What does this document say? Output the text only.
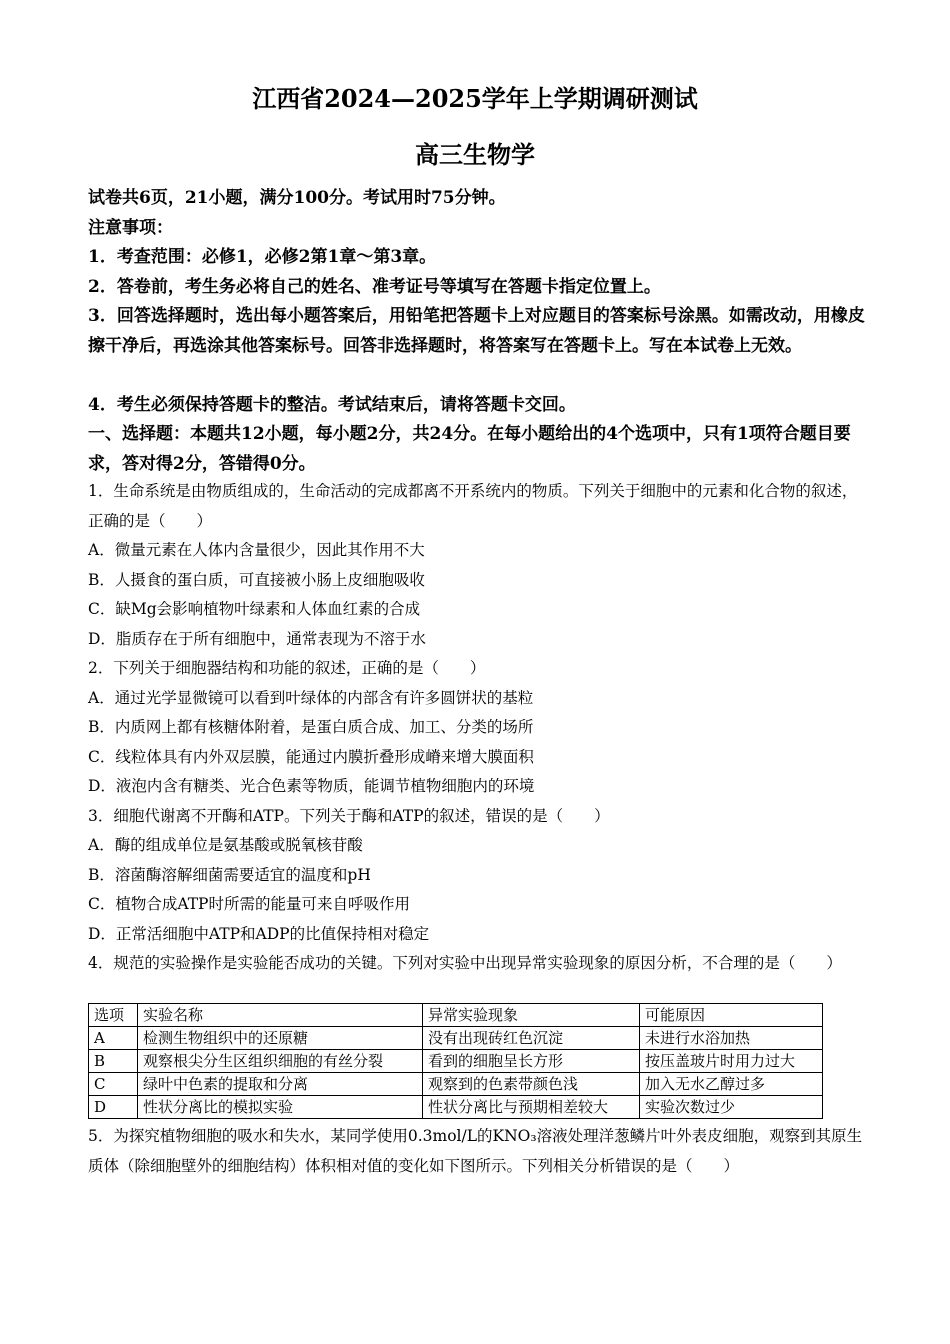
江西省2024—2025学年上学期调研测试
高三生物学

试卷共6页，21小题，满分100分。考试用时75分钟。

注意事项：

1．考查范围：必修1，必修2第1章～第3章。

2．答卷前，考生务必将自己的姓名、准考证号等填写在答题卡指定位置上。

3．回答选择题时，选出每小题答案后，用铅笔把答题卡上对应题目的答案标号涂黑。如需改动，用橡皮擦干净后，再选涂其他答案标号。回答非选择题时，将答案写在答题卡上。写在本试卷上无效。

4．考生必须保持答题卡的整洁。考试结束后，请将答题卡交回。

一、选择题：本题共12小题，每小题2分，共24分。在每小题给出的4个选项中，只有1项符合题目要求，答对得2分，答错得0分。

1．生命系统是由物质组成的，生命活动的完成都离不开系统内的物质。下列关于细胞中的元素和化合物的叙述，正确的是（　　）

A．微量元素在人体内含量很少，因此其作用不大

B．人摄食的蛋白质，可直接被小肠上皮细胞吸收

C．缺Mg会影响植物叶绿素和人体血红素的合成

D．脂质存在于所有细胞中，通常表现为不溶于水

2．下列关于细胞器结构和功能的叙述，正确的是（　　）

A．通过光学显微镜可以看到叶绿体的内部含有许多圆饼状的基粒

B．内质网上都有核糖体附着，是蛋白质合成、加工、分类的场所

C．线粒体具有内外双层膜，能通过内膜折叠形成嵴来增大膜面积

D．液泡内含有糖类、光合色素等物质，能调节植物细胞内的环境

3．细胞代谢离不开酶和ATP。下列关于酶和ATP的叙述，错误的是（　　）

A．酶的组成单位是氨基酸或脱氧核苷酸

B．溶菌酶溶解细菌需要适宜的温度和pH

C．植物合成ATP时所需的能量可来自呼吸作用

D．正常活细胞中ATP和ADP的比值保持相对稳定

4．规范的实验操作是实验能否成功的关键。下列对实验中出现异常实验现象的原因分析，不合理的是（　　）

选项	实验名称	异常实验现象	可能原因
A	检测生物组织中的还原糖	没有出现砖红色沉淀	未进行水浴加热
B	观察根尖分生区组织细胞的有丝分裂	看到的细胞呈长方形	按压盖玻片时用力过大
C	绿叶中色素的提取和分离	观察到的色素带颜色浅	加入无水乙醇过多
D	性状分离比的模拟实验	性状分离比与预期相差较大	实验次数过少

5．为探究植物细胞的吸水和失水，某同学使用0.3mol/L的KNO₃溶液处理洋葱鳞片叶外表皮细胞，观察到其原生质体（除细胞壁外的细胞结构）体积相对值的变化如下图所示。下列相关分析错误的是（　　）
